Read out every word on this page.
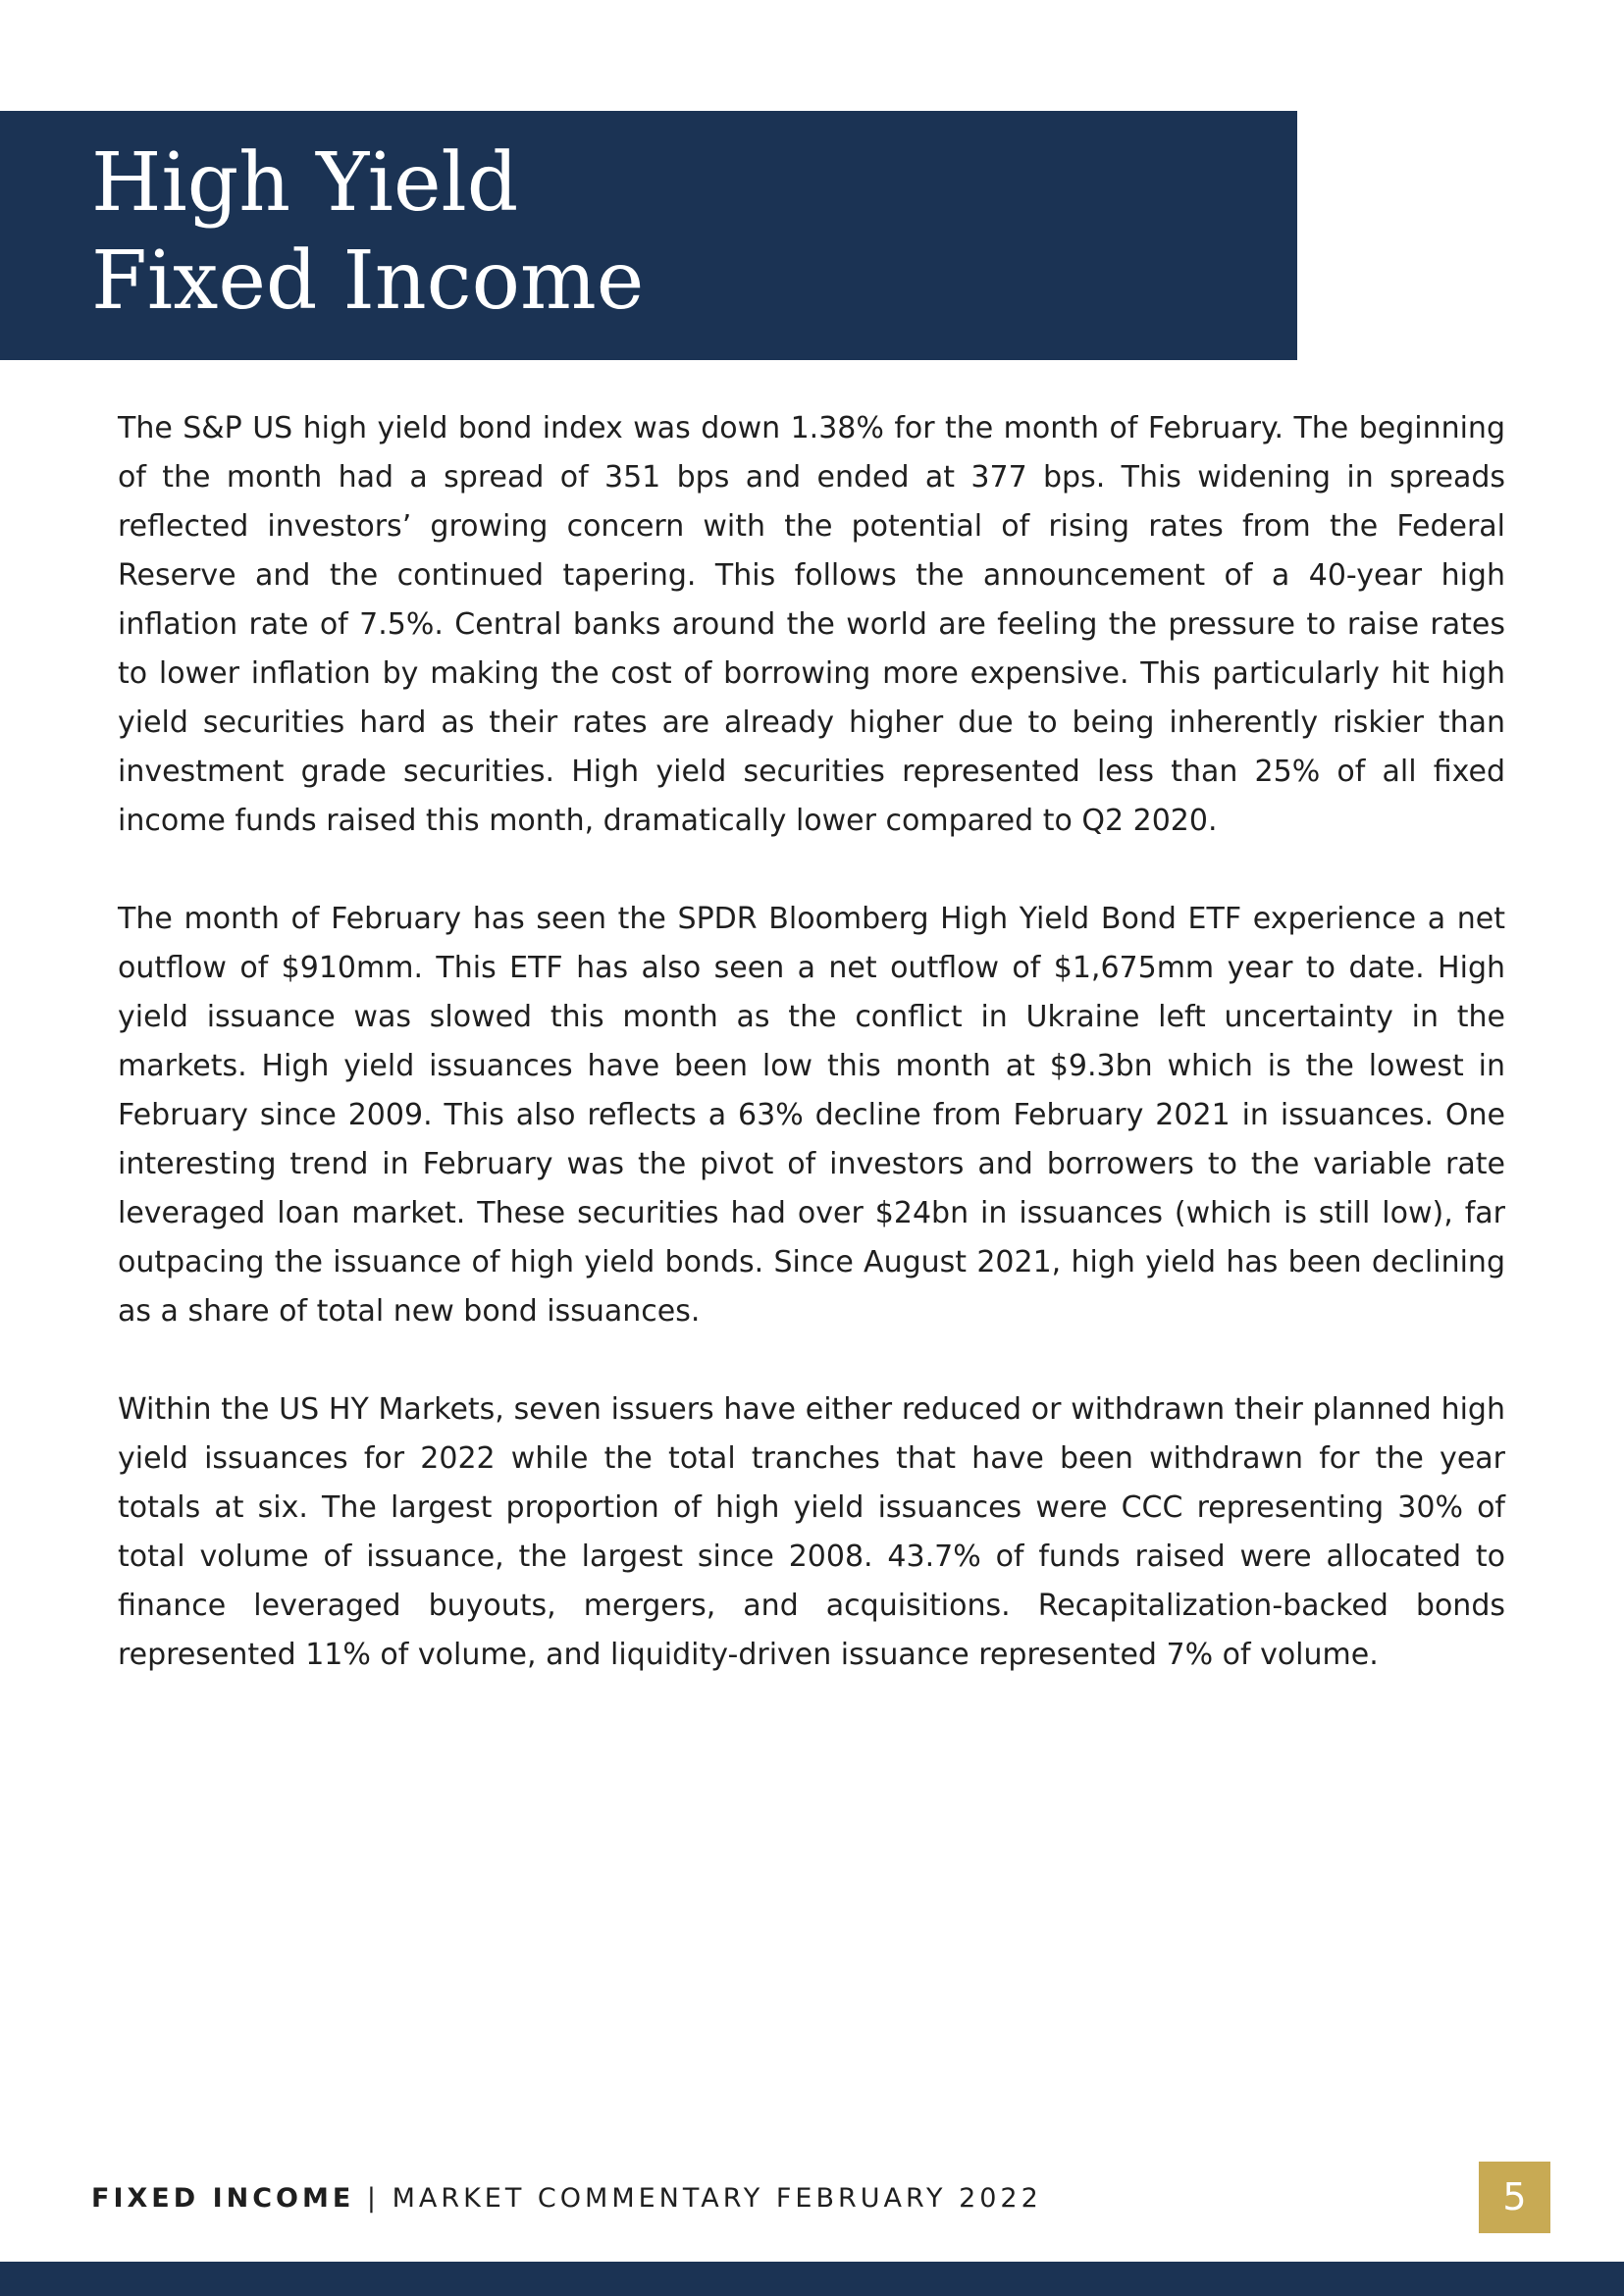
High Yield
Fixed Income

The S&P US high yield bond index was down 1.38% for the month of February. The beginning of the month had a spread of 351 bps and ended at 377 bps. This widening in spreads reflected investors’ growing concern with the potential of rising rates from the Federal Reserve and the continued tapering. This follows the announcement of a 40-year high inflation rate of 7.5%. Central banks around the world are feeling the pressure to raise rates to lower inflation by making the cost of borrowing more expensive. This particularly hit high yield securities hard as their rates are already higher due to being inherently riskier than investment grade securities. High yield securities represented less than 25% of all fixed income funds raised this month, dramatically lower compared to Q2 2020.

The month of February has seen the SPDR Bloomberg High Yield Bond ETF experience a net outflow of $910mm. This ETF has also seen a net outflow of $1,675mm year to date. High yield issuance was slowed this month as the conflict in Ukraine left uncertainty in the markets. High yield issuances have been low this month at $9.3bn which is the lowest in February since 2009. This also reflects a 63% decline from February 2021 in issuances. One interesting trend in February was the pivot of investors and borrowers to the variable rate leveraged loan market. These securities had over $24bn in issuances (which is still low), far outpacing the issuance of high yield bonds. Since August 2021, high yield has been declining as a share of total new bond issuances.

Within the US HY Markets, seven issuers have either reduced or withdrawn their planned high yield issuances for 2022 while the total tranches that have been withdrawn for the year totals at six. The largest proportion of high yield issuances were CCC representing 30% of total volume of issuance, the largest since 2008. 43.7% of funds raised were allocated to finance leveraged buyouts, mergers, and acquisitions. Recapitalization-backed bonds represented 11% of volume, and liquidity-driven issuance represented 7% of volume.

FIXED INCOME | MARKET COMMENTARY FEBRUARY 2022	5
